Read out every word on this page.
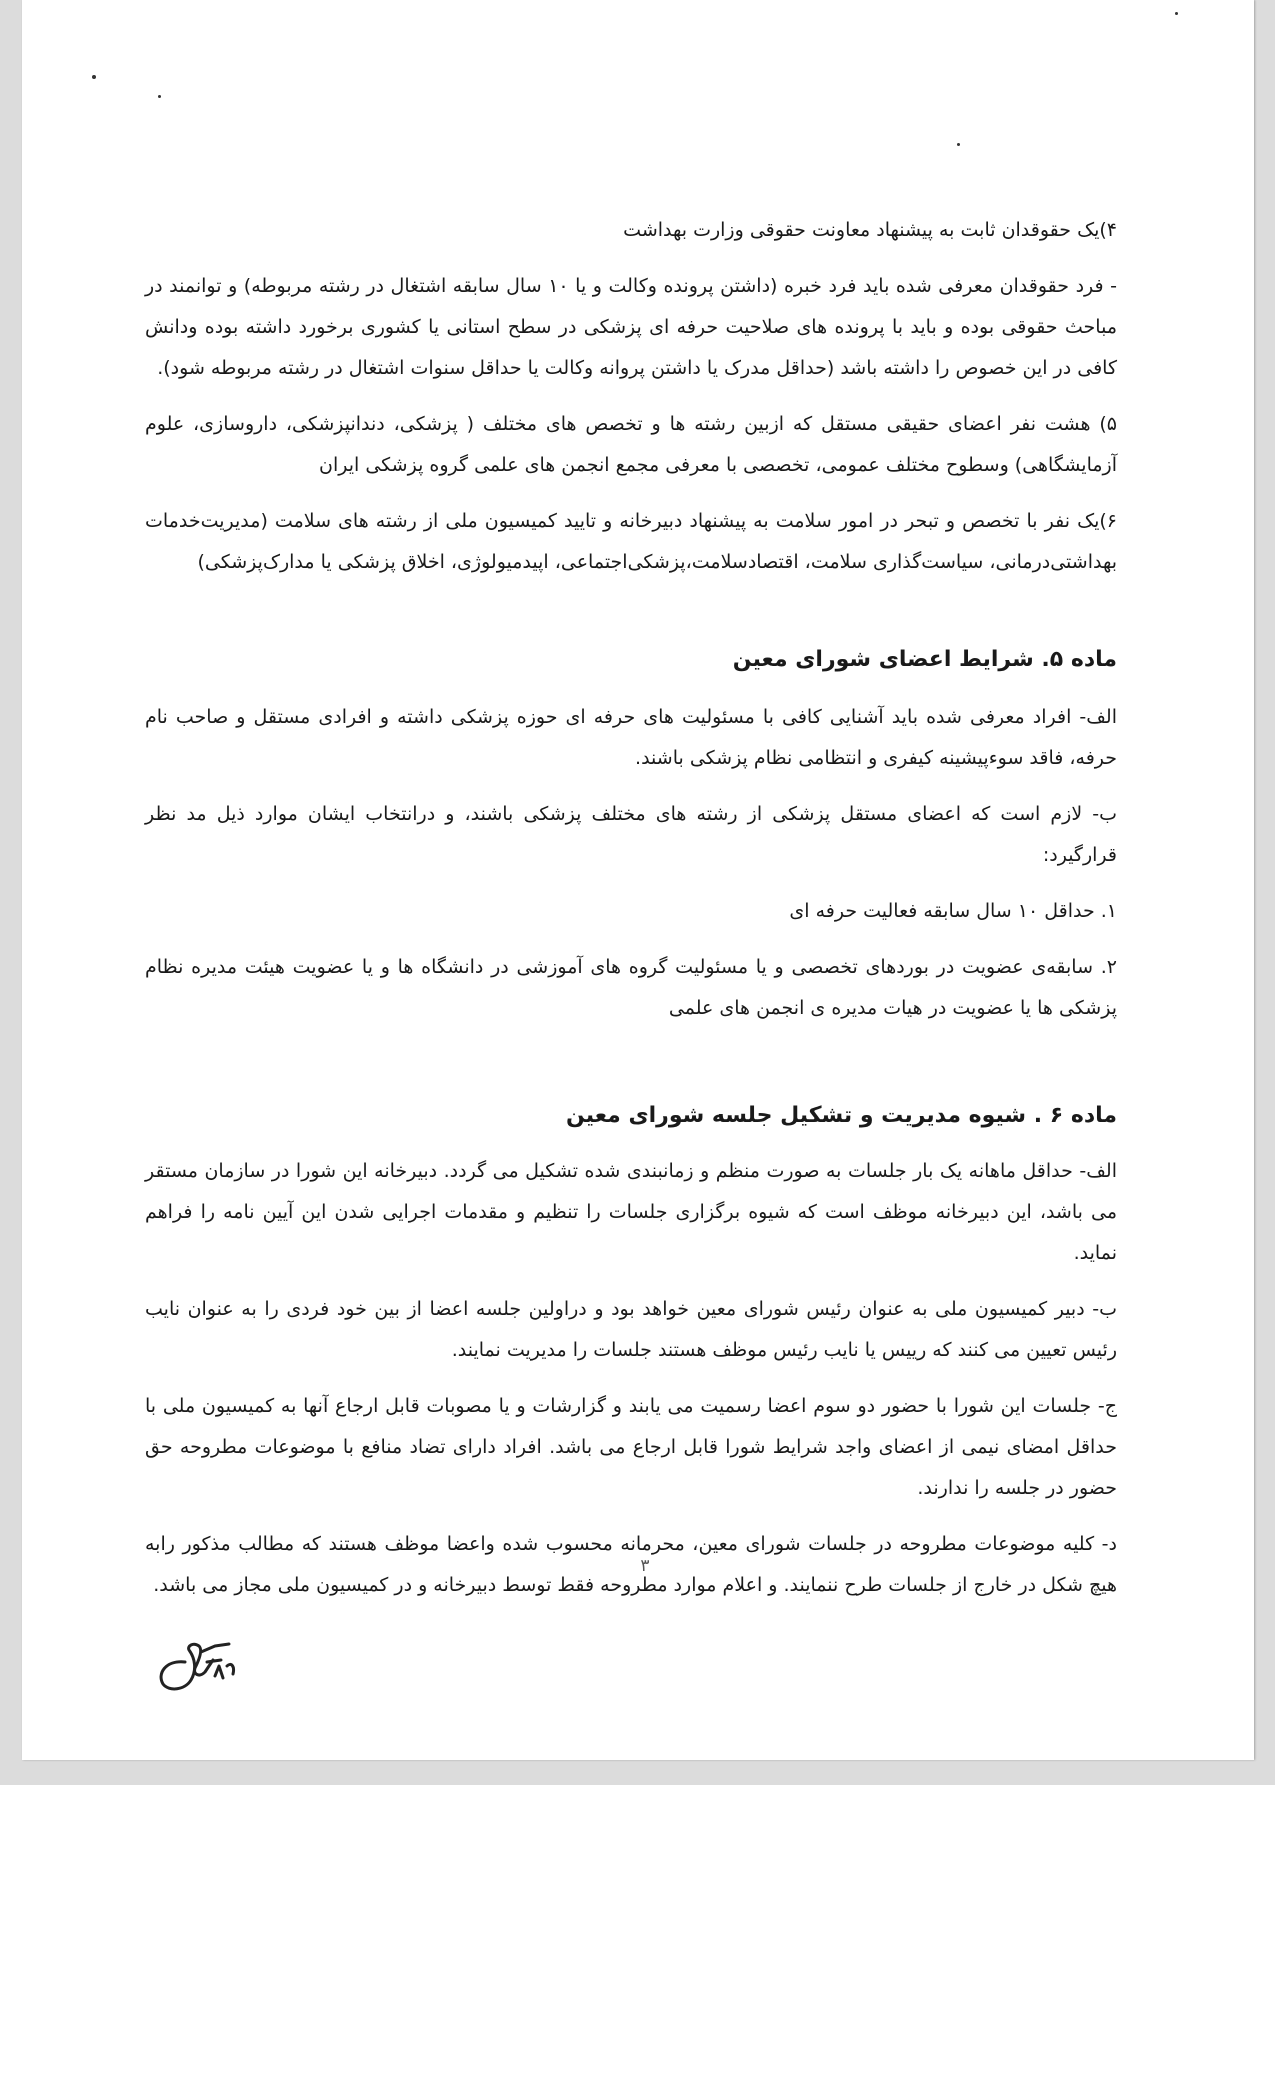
۴)یک حقوقدان ثابت به پیشنهاد معاونت حقوقی وزارت بهداشت

- فرد حقوقدان معرفی شده باید فرد خبره (داشتن پرونده وکالت و یا ۱۰ سال سابقه اشتغال در رشته مربوطه) و توانمند در مباحث حقوقی بوده و باید با پرونده های صلاحیت حرفه ای پزشکی در سطح استانی یا کشوری برخورد داشته بوده ودانش کافی در این خصوص را داشته باشد (حداقل مدرک یا داشتن پروانه وکالت یا حداقل سنوات اشتغال در رشته مربوطه شود).

۵) هشت نفر اعضای حقیقی مستقل که ازبین رشته ها و تخصص های مختلف ( پزشکی، دندانپزشکی، داروسازی، علوم آزمایشگاهی) وسطوح مختلف عمومی، تخصصی با معرفی مجمع انجمن های علمی گروه پزشکی ایران

۶)یک نفر با تخصص و تبحر در امور سلامت به پیشنهاد دبیرخانه و تایید کمیسیون ملی از رشته های سلامت (مدیریت‌خدمات بهداشتی‌درمانی، سیاست‌گذاری سلامت، اقتصادسلامت،پزشکی‌اجتماعی، اپیدمیولوژی، اخلاق پزشکی یا مدارک‌پزشکی)

ماده ۵. شرایط اعضای شورای معین

الف- افراد معرفی شده باید آشنایی کافی با مسئولیت های حرفه ای حوزه پزشکی داشته و افرادی مستقل و صاحب نام حرفه، فاقد سوءپیشینه کیفری و انتظامی نظام پزشکی باشند.

ب- لازم است که اعضای مستقل پزشکی از رشته های مختلف پزشکی باشند، و درانتخاب ایشان موارد ذیل مد نظر قرارگیرد:

۱. حداقل ۱۰ سال سابقه فعالیت حرفه ای

۲. سابقه‌ی عضویت در بوردهای تخصصی و یا مسئولیت گروه های آموزشی در دانشگاه ها و یا عضویت هیئت مدیره نظام پزشکی ها یا عضویت در هیات مدیره ی انجمن های علمی

ماده ۶ . شیوه مدیریت و تشکیل جلسه شورای معین

الف- حداقل ماهانه یک بار جلسات به صورت منظم و زمانبندی شده تشکیل می گردد. دبیرخانه این شورا در سازمان مستقر می باشد، این دبیرخانه موظف است که شیوه برگزاری جلسات را تنظیم و مقدمات اجرایی شدن این آیین نامه را فراهم نماید.

ب- دبیر کمیسیون ملی به عنوان رئیس شورای معین خواهد بود و دراولین جلسه اعضا از بین خود فردی را به عنوان نایب رئیس تعیین می کنند که رییس یا نایب رئیس موظف هستند جلسات را مدیریت نمایند.

ج- جلسات این شورا با حضور دو سوم اعضا رسمیت می یابند و گزارشات و یا مصوبات قابل ارجاع آنها به کمیسیون ملی با حداقل امضای نیمی از اعضای واجد شرایط شورا قابل ارجاع می باشد. افراد دارای تضاد منافع با موضوعات مطروحه حق حضور در جلسه را ندارند.

د- کلیه موضوعات مطروحه در جلسات شورای معین، محرمانه محسوب شده واعضا موظف هستند که مطالب مذکور رابه هیچ شکل در خارج از جلسات طرح ننمایند. و اعلام موارد مطروحه فقط توسط دبیرخانه و در کمیسیون ملی مجاز می باشد.

۳
